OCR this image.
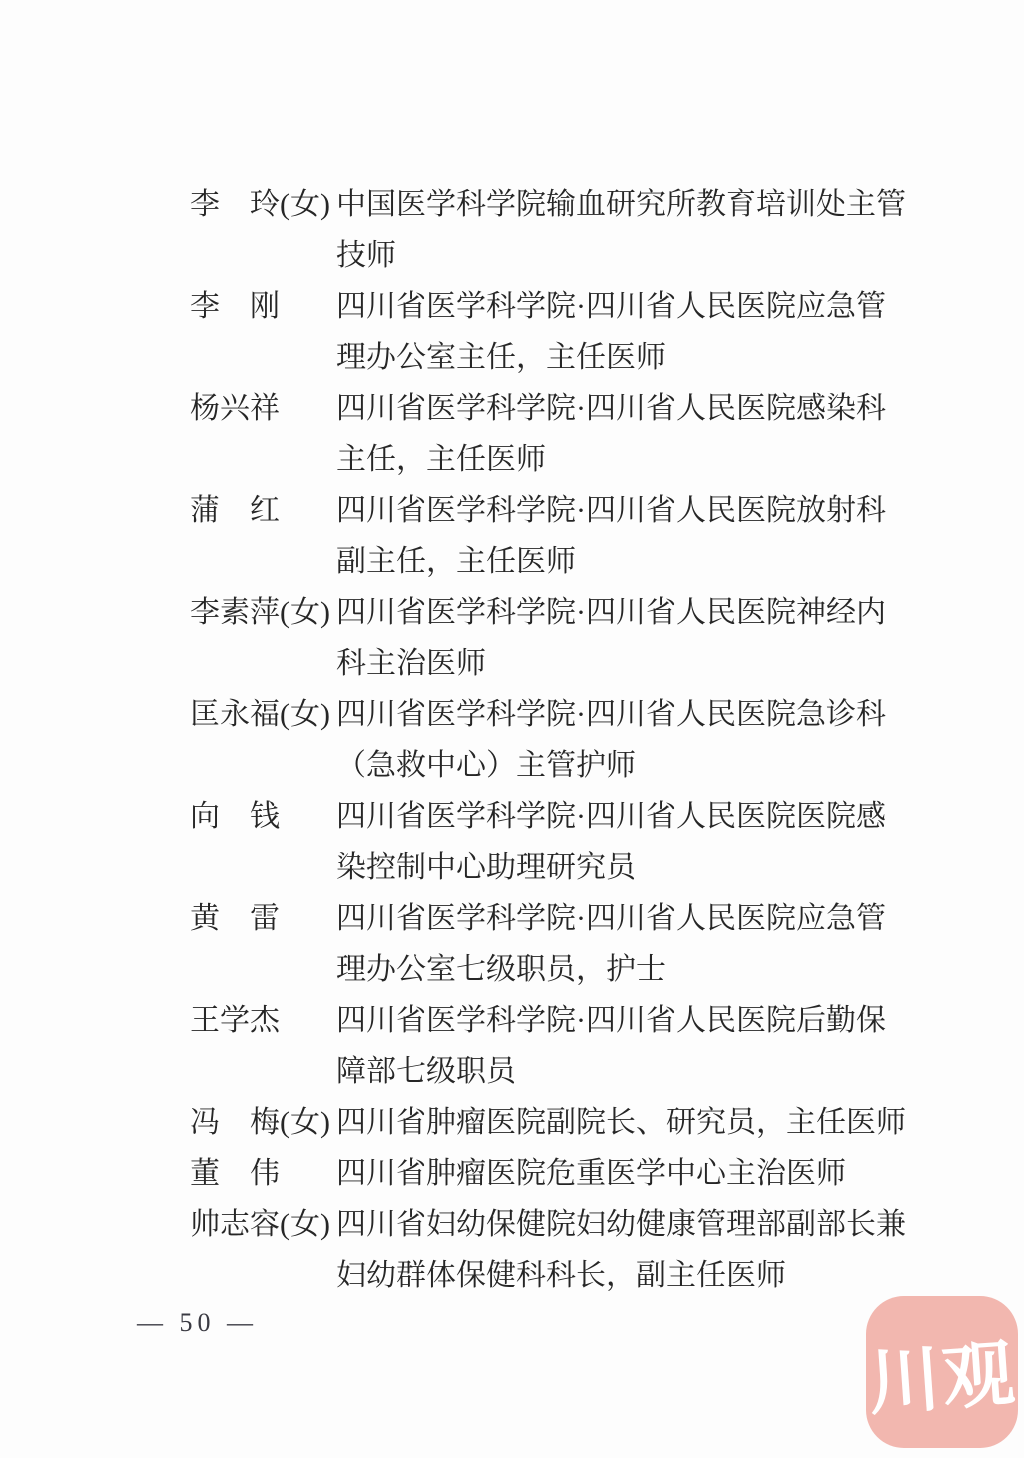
李　玲(女) 中国医学科学院输血研究所教育培训处主管
技师
李　刚	四川省医学科学院·四川省人民医院应急管
理办公室主任，主任医师
杨兴祥	四川省医学科学院·四川省人民医院感染科
主任，主任医师
蒲　红	四川省医学科学院·四川省人民医院放射科
副主任，主任医师
李素萍(女) 四川省医学科学院·四川省人民医院神经内
科主治医师
匡永福(女) 四川省医学科学院·四川省人民医院急诊科
（急救中心）主管护师
向　钱	四川省医学科学院·四川省人民医院医院感
染控制中心助理研究员
黄　雷	四川省医学科学院·四川省人民医院应急管
理办公室七级职员，护士
王学杰	四川省医学科学院·四川省人民医院后勤保
障部七级职员
冯　梅(女) 四川省肿瘤医院副院长、研究员，主任医师
董　伟	四川省肿瘤医院危重医学中心主治医师
帅志容(女) 四川省妇幼保健院妇幼健康管理部副部长兼
妇幼群体保健科科长，副主任医师
— 50 —
川观
